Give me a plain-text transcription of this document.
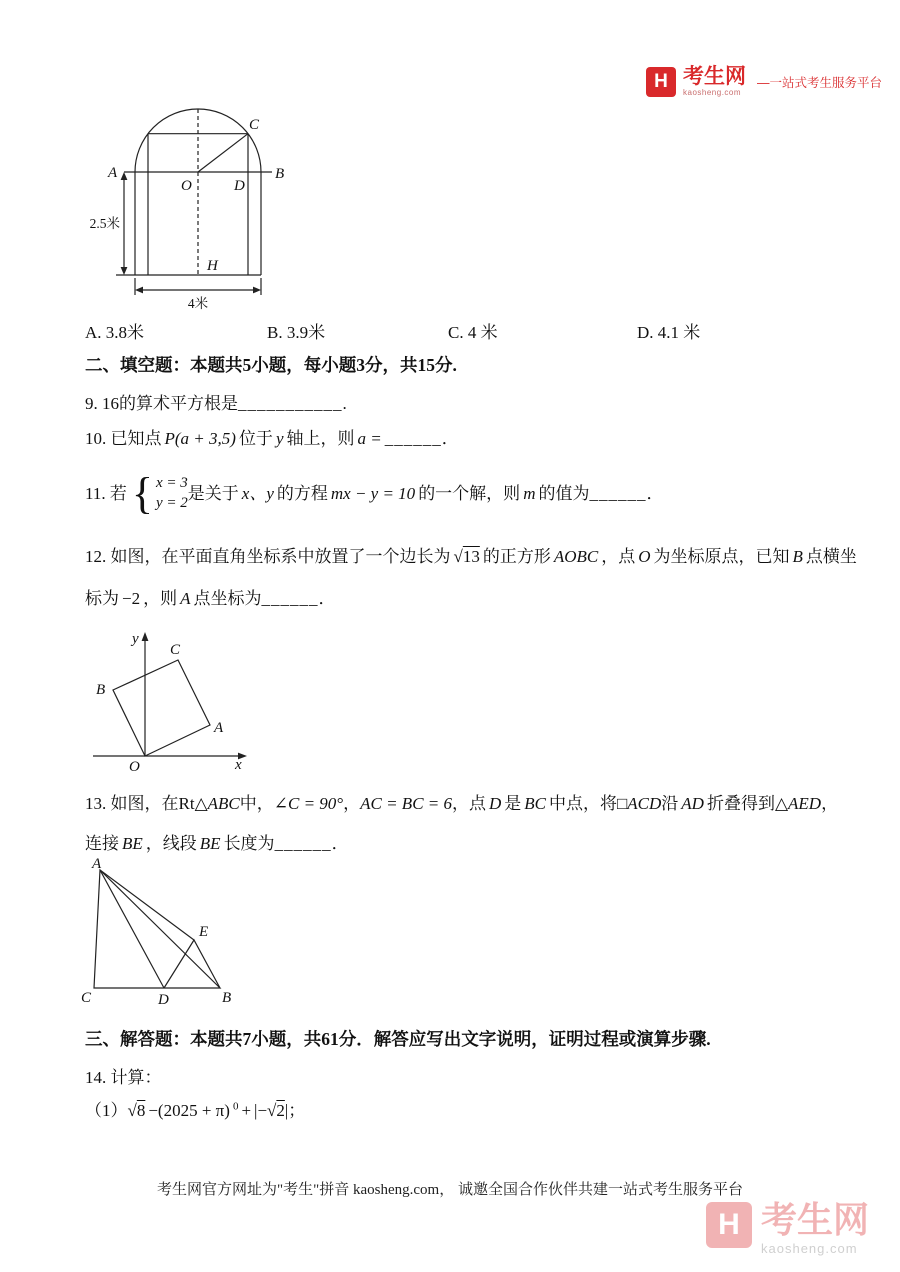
H 考生网
kaosheng.com
—一站式考生服务平台
C
A	B
O	D
H
2.5米
4米
A. 3.8米	B. 3.9米	C. 4 米	D. 4.1 米
二、填空题：本题共5小题，每小题3分，共15分.
9. 16的算术平方根是___________.
10. 已知点 P(a + 3,5) 位于 y 轴上，则 a = ______．
11. 若 { x = 3
y = 2
是关于 x、y 的方程 mx − y = 10 的一个解，则 m 的值为 ______ ．
12. 如图，在平面直角坐标系中放置了一个边长为 √13 的正方形 AOBC ，点 O 为坐标原点，已知 B 点横坐
标为 −2 ，则 A 点坐标为______．
y
x
O
B
C
A
13. 如图，在Rt△ABC中，∠C = 90°，AC = BC = 6，点 D 是 BC 中点，将□ACD沿 AD 折叠得到△AED，
连接 BE ，线段 BE 长度为______．
A
C	B
D
E
三、解答题：本题共7小题，共61分．解答应写出文字说明，证明过程或演算步骤.
14. 计算：
（1）√8 −(2025 + π) $^0$ + |−√2|；
考生网官方网址为"考生"拼音 kaosheng.com， 诚邀全国合作伙伴共建一站式考生服务平台
H 考生网
kaosheng.com
